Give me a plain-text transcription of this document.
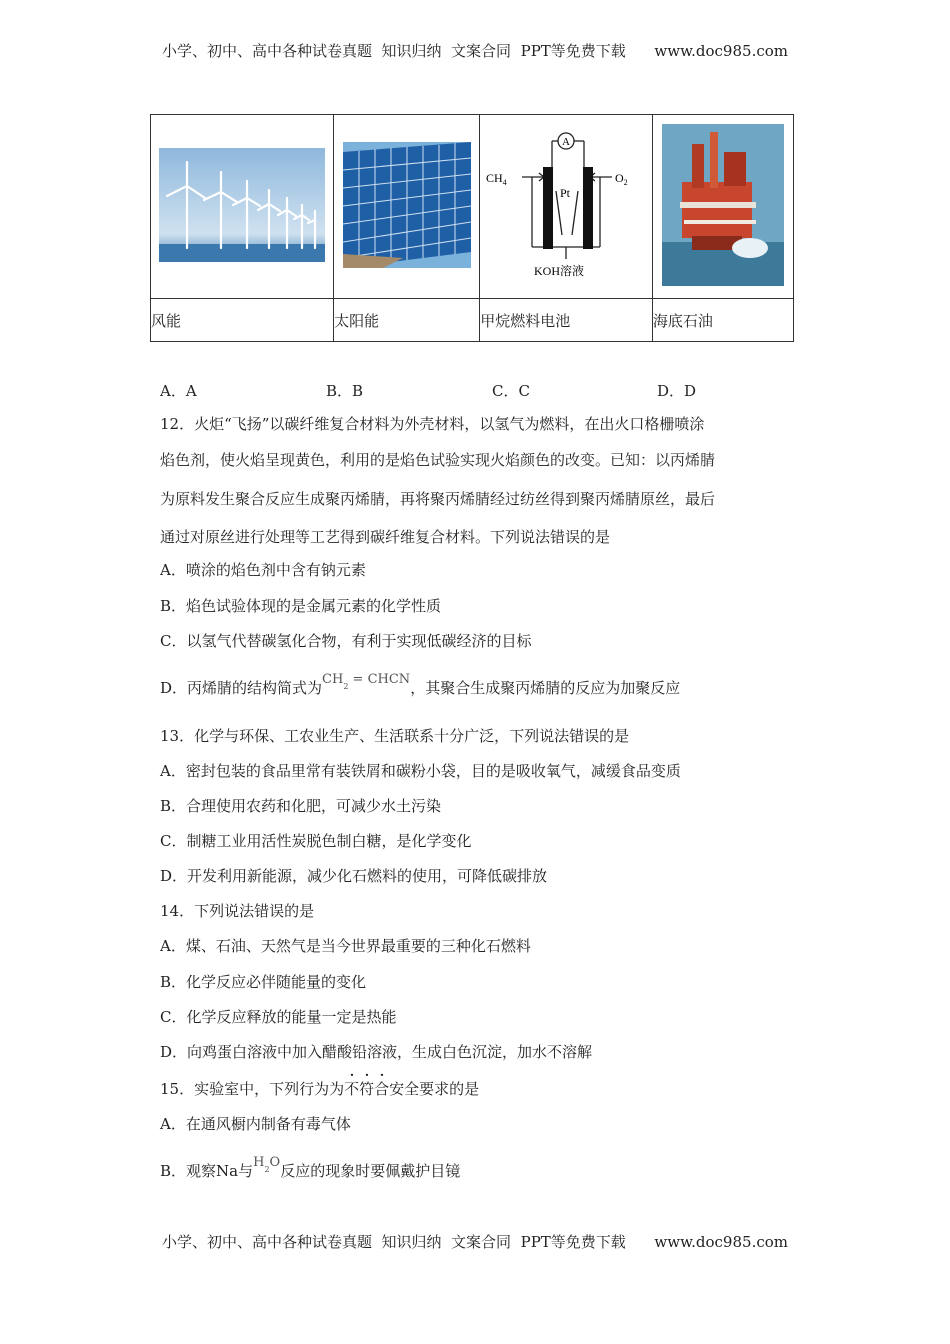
小学、初中、高中各种试卷真题  知识归纳  文案合同  PPT等免费下载      www.doc985.com

A
$CH_4$ $O_2$
Pt
KOH溶液

风能	太阳能	甲烷燃料电池	海底石油
A．A	B．B	C．C	D．D
12．火炬“飞扬”以碳纤维复合材料为外壳材料，以氢气为燃料，在出火口格栅喷涂
焰色剂，使火焰呈现黄色，利用的是焰色试验实现火焰颜色的改变。已知：以丙烯腈
为原料发生聚合反应生成聚丙烯腈，再将聚丙烯腈经过纺丝得到聚丙烯腈原丝，最后
通过对原丝进行处理等工艺得到碳纤维复合材料。下列说法错误的是
A．喷涂的焰色剂中含有钠元素
B．焰色试验体现的是金属元素的化学性质
C．以氢气代替碳氢化合物，有利于实现低碳经济的目标
D．丙烯腈的结构简式为$CH_2$ = CHCN，其聚合生成聚丙烯腈的反应为加聚反应
13．化学与环保、工农业生产、生活联系十分广泛，下列说法错误的是
A．密封包装的食品里常有装铁屑和碳粉小袋，目的是吸收氧气，减缓食品变质
B．合理使用农药和化肥，可减少水土污染
C．制糖工业用活性炭脱色制白糖，是化学变化
D．开发利用新能源，减少化石燃料的使用，可降低碳排放
14．下列说法错误的是
A．煤、石油、天然气是当今世界最重要的三种化石燃料
B．化学反应必伴随能量的变化
C．化学反应释放的能量一定是热能
D．向鸡蛋白溶液中加入醋酸铅溶液，生成白色沉淀，加水不溶解
15．实验室中，下列行为为不符合安全要求的是
A．在通风橱内制备有毒气体
B．观察Na与$H_2O$反应的现象时要佩戴护目镜
小学、初中、高中各种试卷真题  知识归纳  文案合同  PPT等免费下载      www.doc985.com
